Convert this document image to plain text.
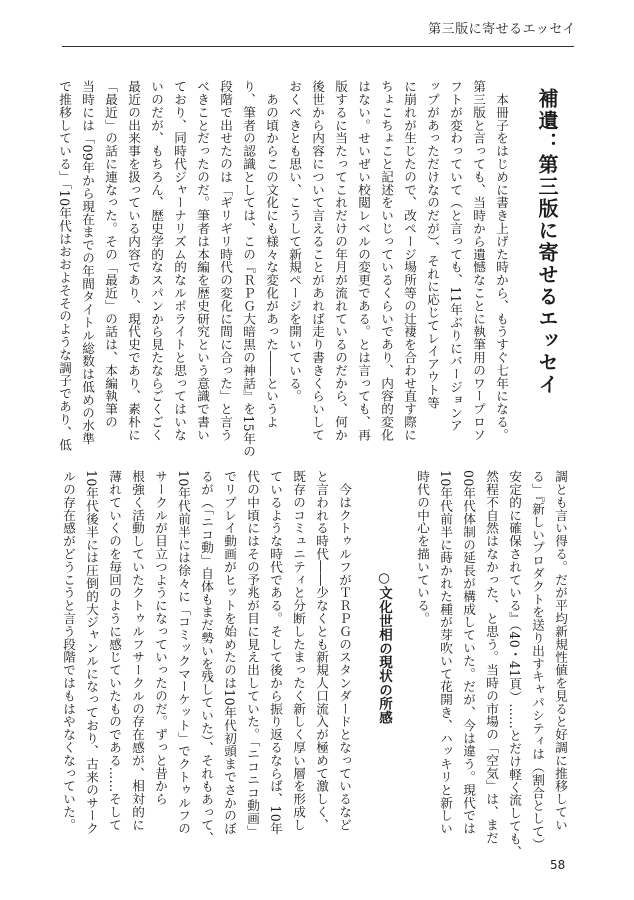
第三版に寄せるエッセイ
補遺：第三版に寄せるエッセイ
　本冊子をはじめに書き上げた時から、もうすぐ七年になる。
第三版と言っても、当時から遺憾なことに執筆用のワープロソ
フトが変わっていて（と言っても、11年ぶりにバージョンア
ップがあっただけなのだが）、それに応じてレイアウト等
に崩れが生じたので、改ページ場所等の辻褄を合わせ直す際に
ちょこちょこと記述をいじっているくらいであり、内容的変化
はない。せいぜい校閲レベルの変更である。とは言っても、再
版するに当たってこれだけの年月が流れているのだから、何か
後世から内容について言えることがあれば走り書きくらいして
おくべきとも思い、こうして新規ページを開いている。
　あの頃からこの文化にも様々な変化があった――というよ
り、筆者の認識としては、この『ＲＰＧ大暗黒の神話』を15年の
段階で出せたのは「ギリギリ時代の変化に間に合った」と言う
べきことだったのだ。筆者は本編を歴史研究という意識で書い
ており、同時代ジャーナリズム的なルポライトと思ってはいな
いのだが、もちろん、歴史学的なスパンから見たならごくごく
最近の出来事を扱っている内容であり、現代史であり、素朴に
「最近」の話に連なった。その「最近」の話は、本編執筆の
当時には「09年から現在までの年間タイトル総数は低めの水準
で推移している」「10年代はおおよそそのような調子であり、低
調とも言い得る。だが平均新規性値を見ると好調に推移してい
る」『新しいプロダクトを送り出すキャパシティは（割合として）
安定的に確保されている』（40・41頁）……とだけ軽く流しても、
然程不自然はなかった、と思う。当時の市場の「空気」は、まだ
00年代体制の延長が構成していた。だが、今は違う。現代では
10年代前半に蒔かれた種が芽吹いて花開き、ハッキリと新しい
時代の中心を描いている。
○文化世相の現状の所感
　今はクトゥルフがＴＲＰＧのスタンダードとなっているなど
と言われる時代――少なくとも新規人口流入が極めて激しく、
既存のコミュニティと分断したまったく新しく厚い層を形成し
ているような時代である。そして後から振り返るならば、10年
代の中頃にはその予兆が目に見え出していた。「ニコニコ動画」
でリプレイ動画がヒットを始めたのは10年代初頭までさかのぼ
るが（「ニコ動」自体もまだ勢いを残していた）、それもあって、
10年代前半には徐々に「コミックマーケット」でクトゥルフの
サークルが目立つようになっていったのだ。ずっと昔から
根強く活動していたクトゥルフサークルの存在感が、相対的に
薄れていくのを毎回のように感じていたものである……そして
10年代後半には圧倒的大ジャンルになっており、古来のサーク
ルの存在感がどうこうと言う段階ではもはやなくなっていた。
58
